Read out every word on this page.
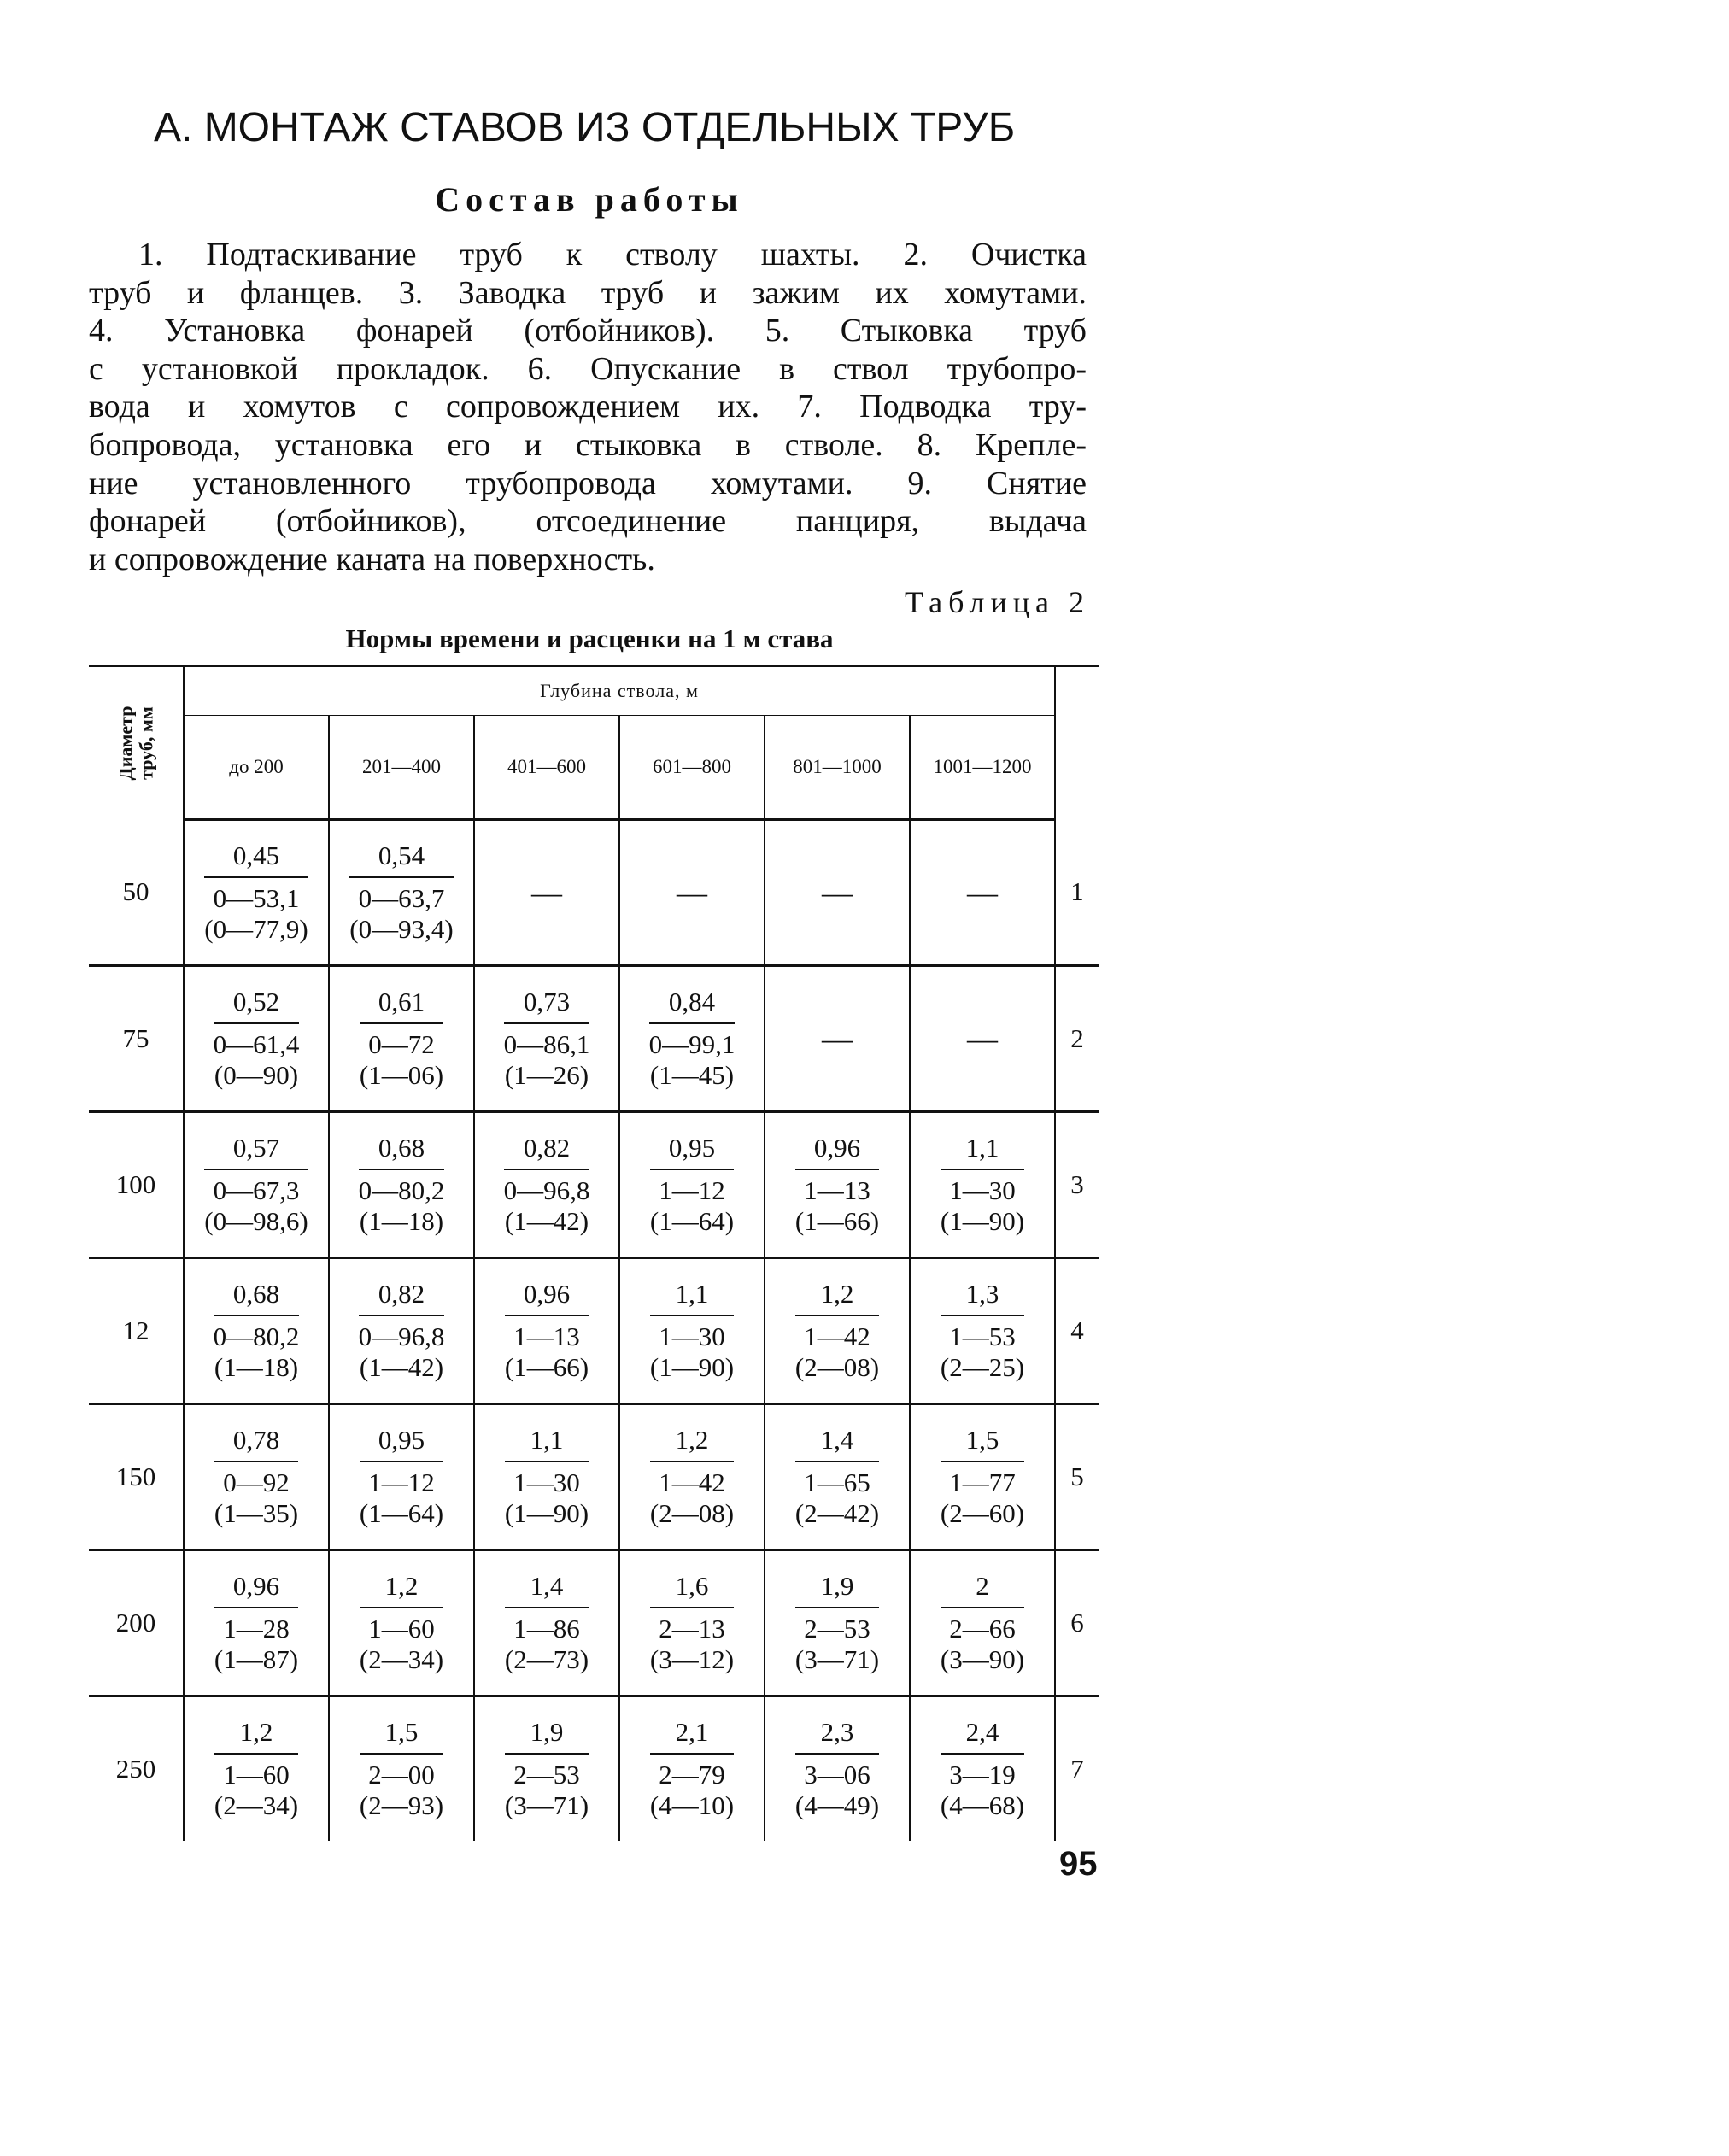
А. МОНТАЖ СТАВОВ ИЗ ОТДЕЛЬНЫХ ТРУБ
Состав работы
1. Подтаскивание труб к стволу шахты. 2. Очистка
труб и фланцев. 3. Заводка труб и зажим их хомутами.
4. Установка фонарей (отбойников). 5. Стыковка труб
с установкой прокладок. 6. Опускание в ствол трубопро-
вода и хомутов с сопровождением их. 7. Подводка тру-
бопровода, установка его и стыковка в стволе. 8. Крепле-
ние установленного трубопровода хомутами. 9. Снятие
фонарей (отбойников), отсоединение панциря, выдача
и сопровождение каната на поверхность.
Таблица 2
Нормы времени и расценки на 1 м става
Диаметр труб, мм	Глубина ствола, м						
	до 200	201—400	401—600	601—800	801—1000	1001—1200	
50	0,45
0—53,1
(0—77,9)	0,54
0—63,7
(0—93,4)	—	—	—	—	1
75	0,52
0—61,4
(0—90)	0,61
0—72
(1—06)	0,73
0—86,1
(1—26)	0,84
0—99,1
(1—45)	—	—	2
100	0,57
0—67,3
(0—98,6)	0,68
0—80,2
(1—18)	0,82
0—96,8
(1—42)	0,95
1—12
(1—64)	0,96
1—13
(1—66)	1,1
1—30
(1—90)	3
12	0,68
0—80,2
(1—18)	0,82
0—96,8
(1—42)	0,96
1—13
(1—66)	1,1
1—30
(1—90)	1,2
1—42
(2—08)	1,3
1—53
(2—25)	4
150	0,78
0—92
(1—35)	0,95
1—12
(1—64)	1,1
1—30
(1—90)	1,2
1—42
(2—08)	1,4
1—65
(2—42)	1,5
1—77
(2—60)	5
200	0,96
1—28
(1—87)	1,2
1—60
(2—34)	1,4
1—86
(2—73)	1,6
2—13
(3—12)	1,9
2—53
(3—71)	2
2—66
(3—90)	6
250	1,2
1—60
(2—34)	1,5
2—00
(2—93)	1,9
2—53
(3—71)	2,1
2—79
(4—10)	2,3
3—06
(4—49)	2,4
3—19
(4—68)	7
95
